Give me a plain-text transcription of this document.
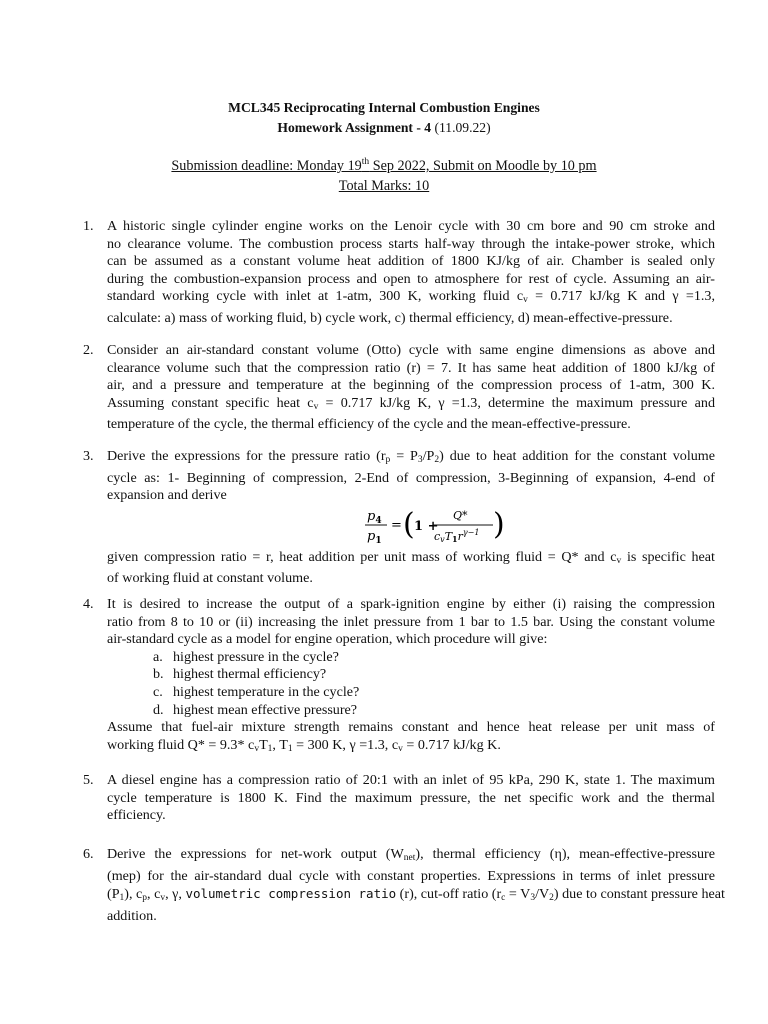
MCL345 Reciprocating Internal Combustion Engines
Homework Assignment - 4 (11.09.22)
Submission deadline: Monday 19th Sep 2022, Submit on Moodle by 10 pm
Total Marks: 10
1. A historic single cylinder engine works on the Lenoir cycle with 30 cm bore and 90 cm stroke and
no clearance volume. The combustion process starts half-way through the intake-power stroke, which
can be assumed as a constant volume heat addition of 1800 KJ/kg of air. Chamber is sealed only
during the combustion-expansion process and open to atmosphere for rest of cycle. Assuming an air-
standard working cycle with inlet at 1-atm, 300 K, working fluid $c_v = 0.717$ kJ/kg K and γ =1.3,
calculate: a) mass of working fluid, b) cycle work, c) thermal efficiency, d) mean-effective-pressure.
2. Consider an air-standard constant volume (Otto) cycle with same engine dimensions as above and
clearance volume such that the compression ratio (r) = 7. It has same heat addition of 1800 kJ/kg of
air, and a pressure and temperature at the beginning of the compression process of 1-atm, 300 K.
Assuming constant specific heat $c_v = 0.717$ kJ/kg K, γ =1.3, determine the maximum pressure and
temperature of the cycle, the thermal efficiency of the cycle and the mean-effective-pressure.
3. Derive the expressions for the pressure ratio $(r_p = P_3/P_2)$ due to heat addition for the constant volume
cycle as: 1- Beginning of compression, 2-End of compression, 3-Beginning of expansion, 4-end of
expansion and derive
$p_4$
$p_1$
= ( 1 +
Q*
$cvT1r^{\gamma-1}$ )
given compression ratio = r, heat addition per unit mass of working fluid = Q* and $c_v$ is specific heat
of working fluid at constant volume.
4. It is desired to increase the output of a spark-ignition engine by either (i) raising the compression
ratio from 8 to 10 or (ii) increasing the inlet pressure from 1 bar to 1.5 bar. Using the constant volume
air-standard cycle as a model for engine operation, which procedure will give:
a. highest pressure in the cycle?
b. highest thermal efficiency?
c. highest temperature in the cycle?
d. highest mean effective pressure?
Assume that fuel-air mixture strength remains constant and hence heat release per unit mass of
working fluid Q* = 9.3* $c_vT_1$, $T_1 = 300$ K, γ =1.3, $c_v = 0.717$ kJ/kg K.
5. A diesel engine has a compression ratio of 20:1 with an inlet of 95 kPa, 290 K, state 1. The maximum
cycle temperature is 1800 K. Find the maximum pressure, the net specific work and the thermal
efficiency.
6. Derive the expressions for net-work output $(W_{net})$, thermal efficiency (η), mean-effective-pressure
(mep) for the air-standard dual cycle with constant properties. Expressions in terms of inlet pressure
$(P_1)$, $c_p$, $c_v$, γ, volumetric compression ratio (r), cut-off ratio $(r_c = V_3/V_2)$ due to constant pressure heat
addition.
